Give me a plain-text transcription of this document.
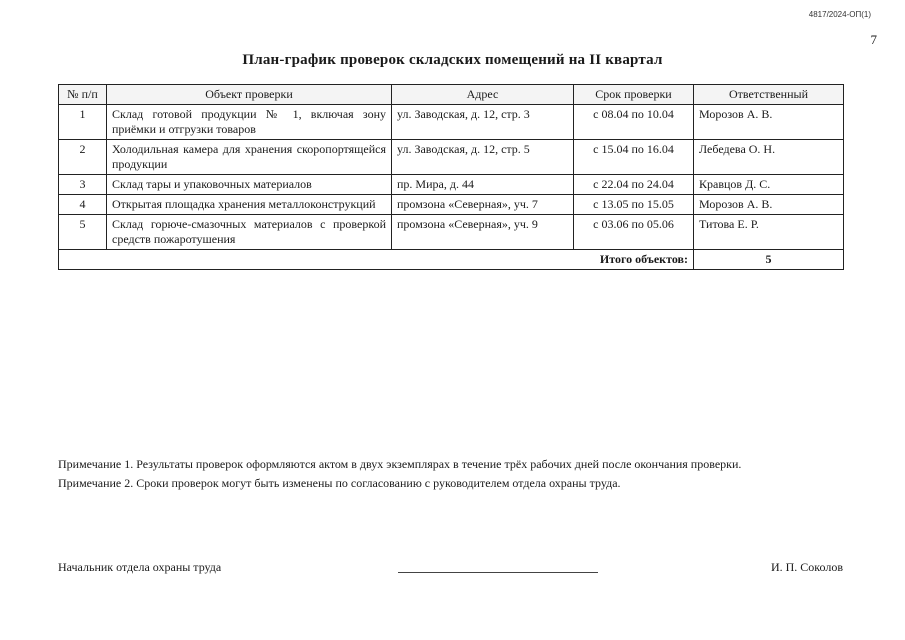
4817/2024-ОП(1)
7
План-график проверок складских помещений на II квартал
№ п/п	Объект проверки	Адрес	Срок проверки	Ответственный
1	Склад готовой продукции № 1, включая зону приёмки и отгрузки товаров	ул. Заводская, д. 12, стр. 3	с 08.04 по 10.04	Морозов А. В.
2	Холодильная камера для хранения скоропортящейся продукции	ул. Заводская, д. 12, стр. 5	с 15.04 по 16.04	Лебедева О. Н.
3	Склад тары и упаковочных материалов	пр. Мира, д. 44	с 22.04 по 24.04	Кравцов Д. С.
4	Открытая площадка хранения металлоконструкций	промзона «Северная», уч. 7	с 13.05 по 15.05	Морозов А. В.
5	Склад горюче-смазочных материалов с проверкой средств пожаротушения	промзона «Северная», уч. 9	с 03.06 по 05.06	Титова Е. Р.
Итого объектов:				5

Примечание 1. Результаты проверок оформляются актом в двух экземплярах в течение трёх рабочих дней после окончания проверки.

Примечание 2. Сроки проверок могут быть изменены по согласованию с руководителем отдела охраны труда.

Начальник отдела охраны труда	И. П. Соколов
